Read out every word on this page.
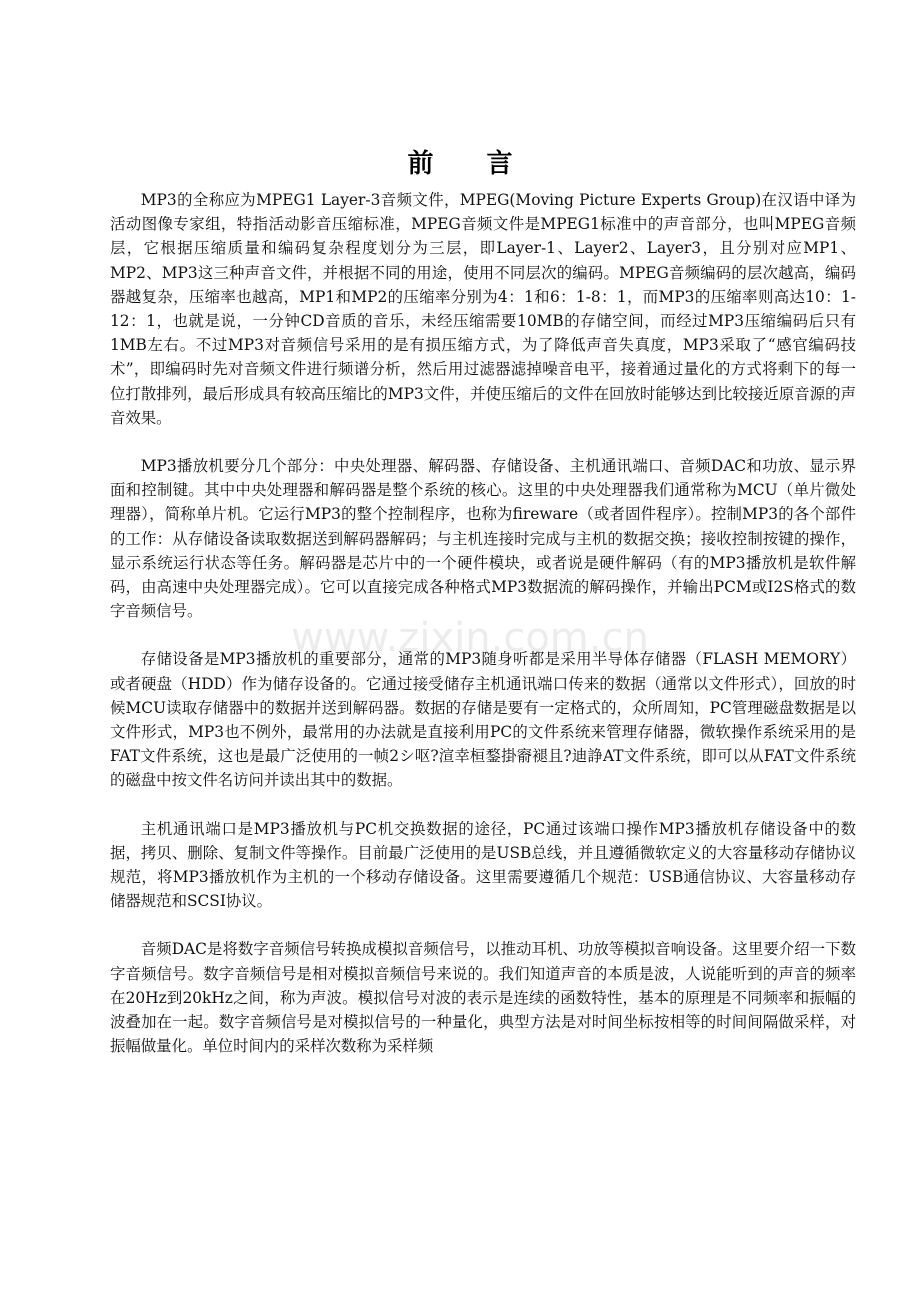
前 言
www.zixin.com.cn

MP3的全称应为MPEG1 Layer-3音频文件，MPEG(Moving Picture Experts Group)在汉语中译为活动图像专家组，特指活动影音压缩标准，MPEG音频文件是MPEG1标准中的声音部分，也叫MPEG音频层，它根据压缩质量和编码复杂程度划分为三层，即Layer-1、Layer2、Layer3，且分别对应MP1、MP2、MP3这三种声音文件，并根据不同的用途，使用不同层次的编码。MPEG音频编码的层次越高，编码器越复杂，压缩率也越高，MP1和MP2的压缩率分别为4：1和6：1-8：1，而MP3的压缩率则高达10：1-12：1，也就是说，一分钟CD音质的音乐，未经压缩需要10MB的存储空间，而经过MP3压缩编码后只有1MB左右。不过MP3对音频信号采用的是有损压缩方式，为了降低声音失真度，MP3采取了“感官编码技术”，即编码时先对音频文件进行频谱分析，然后用过滤器滤掉噪音电平，接着通过量化的方式将剩下的每一位打散排列，最后形成具有较高压缩比的MP3文件，并使压缩后的文件在回放时能够达到比较接近原音源的声音效果。

MP3播放机要分几个部分：中央处理器、解码器、存储设备、主机通讯端口、音频DAC和功放、显示界面和控制键。其中中央处理器和解码器是整个系统的核心。这里的中央处理器我们通常称为MCU（单片微处理器），简称单片机。它运行MP3的整个控制程序，也称为fireware（或者固件程序）。控制MP3的各个部件的工作：从存储设备读取数据送到解码器解码；与主机连接时完成与主机的数据交换；接收控制按键的操作，显示系统运行状态等任务。解码器是芯片中的一个硬件模块，或者说是硬件解码（有的MP3播放机是软件解码，由高速中央处理器完成）。它可以直接完成各种格式MP3数据流的解码操作，并输出PCM或I2S格式的数字音频信号。

存储设备是MP3播放机的重要部分，通常的MP3随身听都是采用半导体存储器（FLASH MEMORY）或者硬盘（HDD）作为储存设备的。它通过接受储存主机通讯端口传来的数据（通常以文件形式），回放的时候MCU读取存储器中的数据并送到解码器。数据的存储是要有一定格式的，众所周知，PC管理磁盘数据是以文件形式，MP3也不例外，最常用的办法就是直接利用PC的文件系统来管理存储器，微软操作系统采用的是FAT文件系统，这也是最广泛使用的一帧2シ呕?渲幸桓鍪掛窬褪且?迪諍AT文件系统，即可以从FAT文件系统的磁盘中按文件名访问并读出其中的数据。

主机通讯端口是MP3播放机与PC机交换数据的途径，PC通过该端口操作MP3播放机存储设备中的数据，拷贝、删除、复制文件等操作。目前最广泛使用的是USB总线，并且遵循微软定义的大容量移动存储协议规范，将MP3播放机作为主机的一个移动存储设备。这里需要遵循几个规范：USB通信协议、大容量移动存储器规范和SCSI协议。

音频DAC是将数字音频信号转换成模拟音频信号，以推动耳机、功放等模拟音响设备。这里要介绍一下数字音频信号。数字音频信号是相对模拟音频信号来说的。我们知道声音的本质是波，人说能听到的声音的频率在20Hz到20kHz之间，称为声波。模拟信号对波的表示是连续的函数特性，基本的原理是不同频率和振幅的波叠加在一起。数字音频信号是对模拟信号的一种量化，典型方法是对时间坐标按相等的时间间隔做采样，对振幅做量化。单位时间内的采样次数称为采样频
